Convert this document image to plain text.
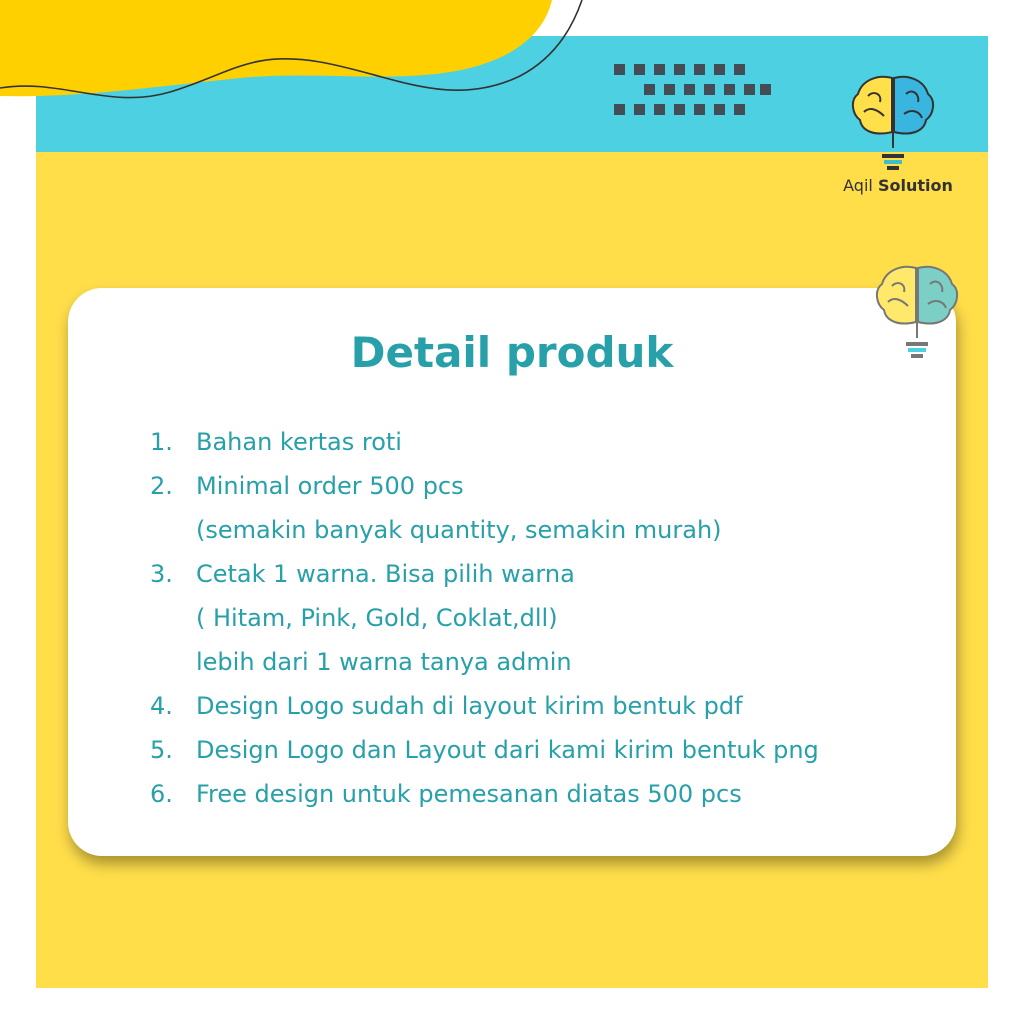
Aqil Solution
Detail produk
1. Bahan kertas roti
2. Minimal order 500 pcs
(semakin banyak quantity, semakin murah)
3. Cetak 1 warna. Bisa pilih warna
( Hitam, Pink, Gold, Coklat,dll)
lebih dari 1 warna tanya admin
4. Design Logo sudah di layout kirim bentuk pdf
5. Design Logo dan Layout dari kami kirim bentuk png
6. Free design untuk pemesanan diatas 500 pcs
